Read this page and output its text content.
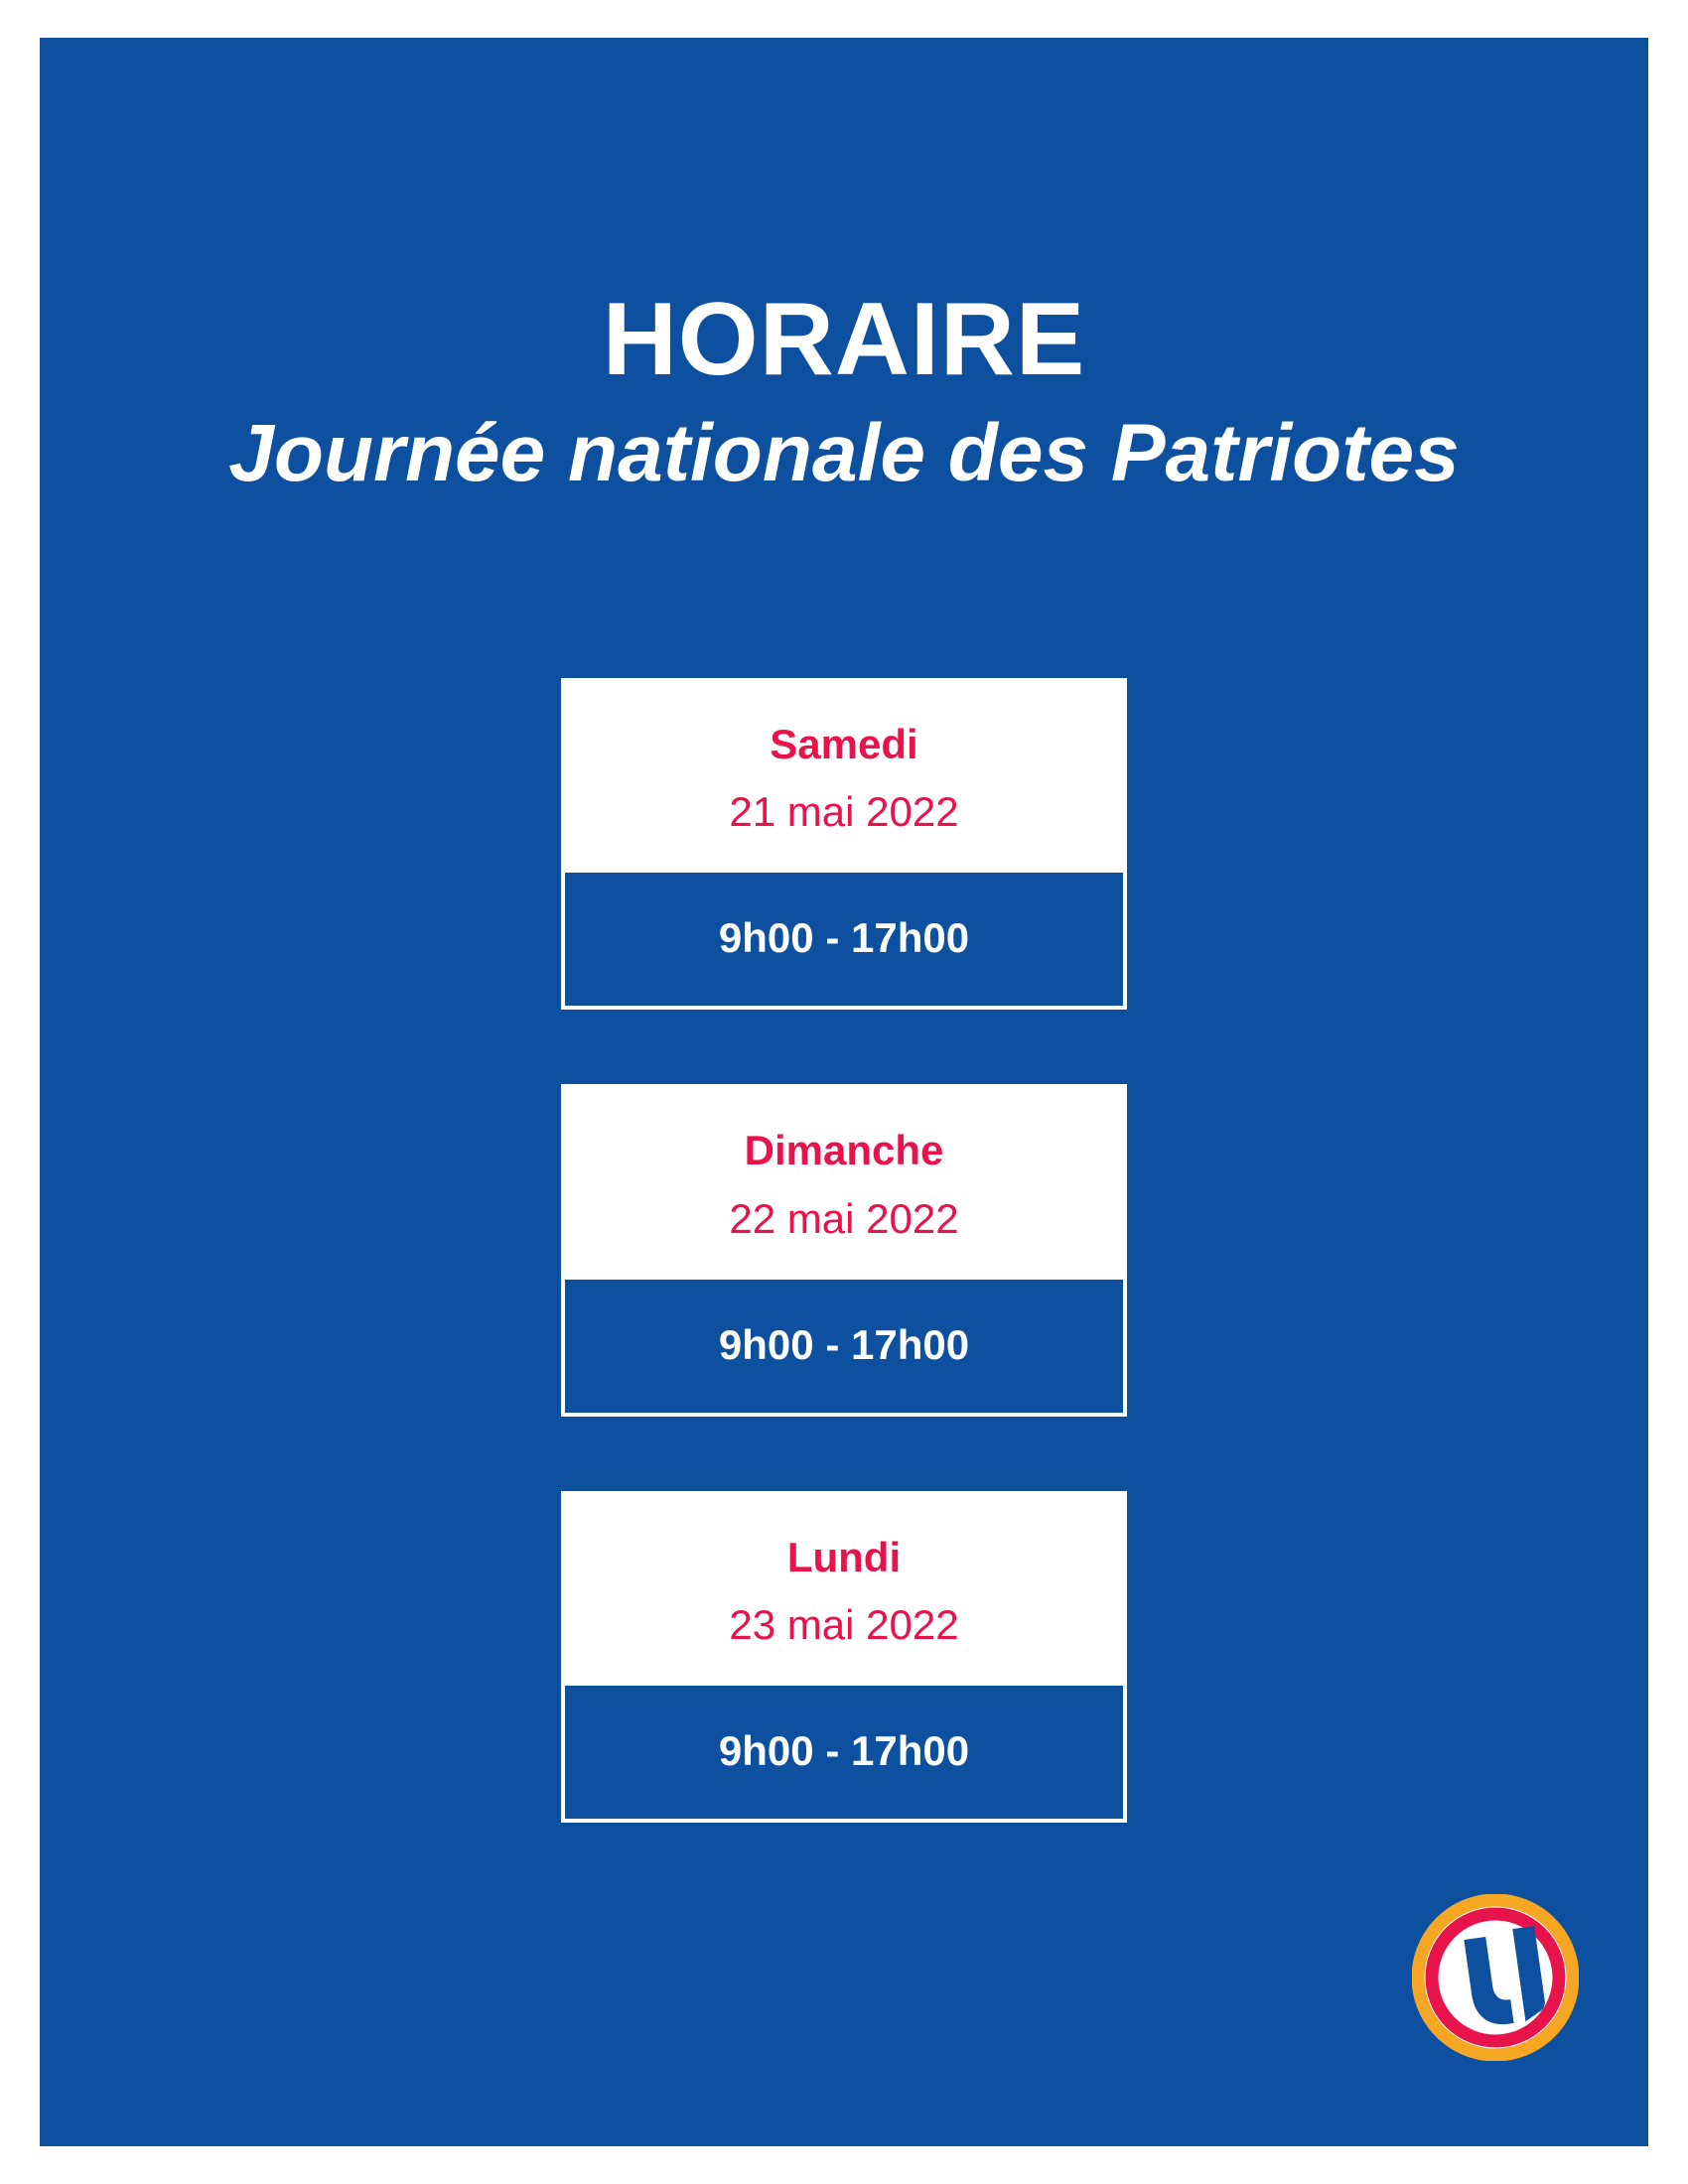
HORAIRE
Journée nationale des Patriotes

Samedi

21 mai 2022

9h00 - 17h00

Dimanche

22 mai 2022

9h00 - 17h00

Lundi

23 mai 2022

9h00 - 17h00
